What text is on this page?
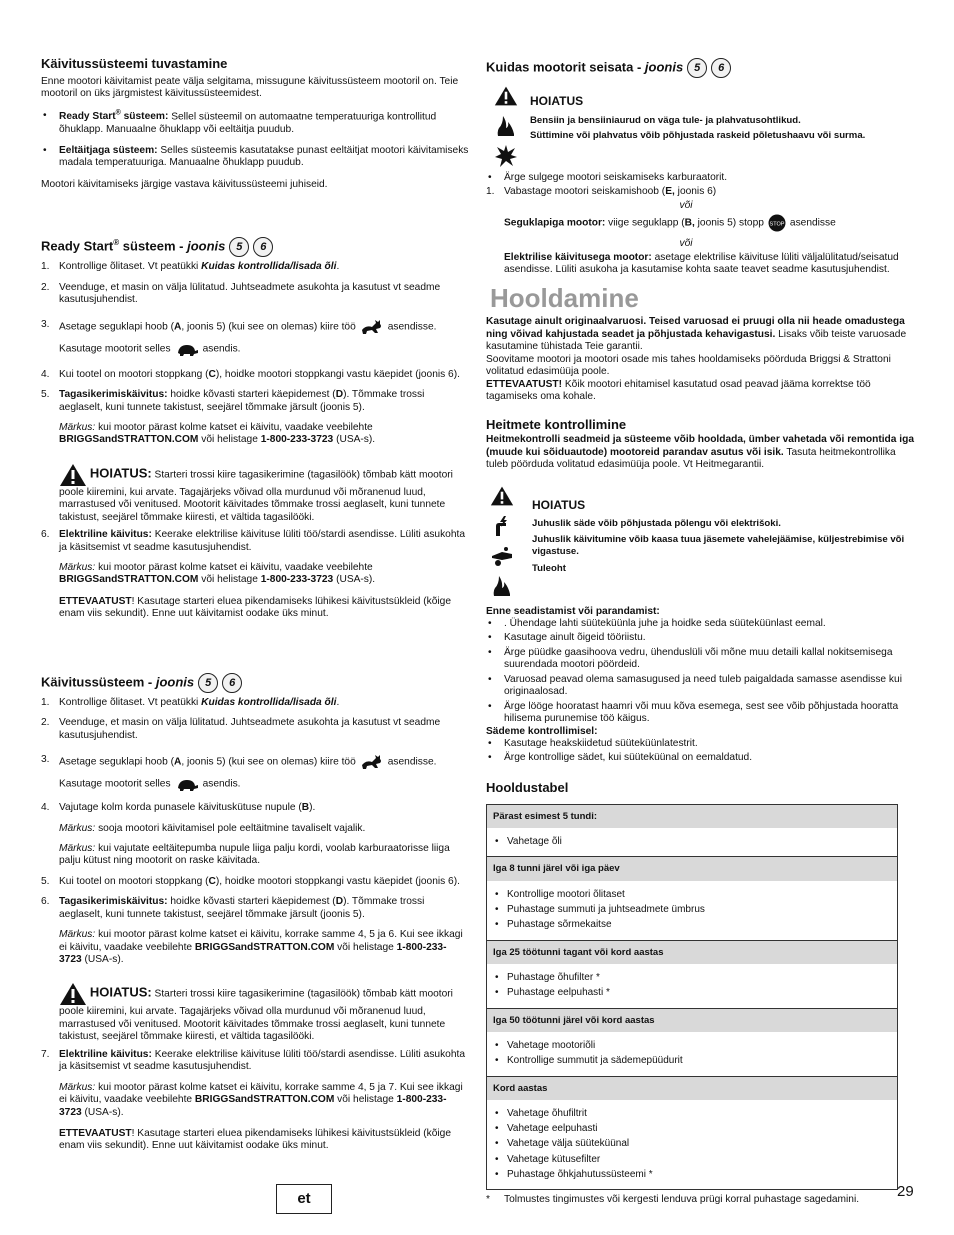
Käivitussüsteemi tuvastamine

Enne mootori käivitamist peate välja selgitama, missugune käivitussüsteem mootoril on. Teie mootoril on üks järgmistest käivitussüsteemidest.

• Ready Start® süsteem: Sellel süsteemil on automaatne temperatuuriga kontrollitud õhuklapp. Manuaalne õhuklapp või eeltäitja puudub.

• Eeltäitjaga süsteem: Selles süsteemis kasutatakse punast eeltäitjat mootori käivitamiseks madala temperatuuriga. Manuaalne õhuklapp puudub.

Mootori käivitamiseks järgige vastava käivitussüsteemi juhiseid.

Ready Start® süsteem - joonis 5 6

1. Kontrollige õlitaset. Vt peatükki Kuidas kontrollida/lisada õli.

2. Veenduge, et masin on välja lülitatud. Juhtseadmete asukohta ja kasutust vt seadme kasutusjuhendist.

3. Asetage seguklapi hoob (A, joonis 5) (kui see on olemas) kiire töö	asendisse.

Kasutage mootorit selles	asendis.

4. Kui tootel on mootori stoppkang (C), hoidke mootori stoppkangi vastu käepidet (joonis 6).

5. Tagasikerimiskäivitus: hoidke kõvasti starteri käepidemest (D). Tõmmake trossi aeglaselt, kuni tunnete takistust, seejärel tõmmake järsult (joonis 5).

Märkus: kui mootor pärast kolme katset ei käivitu, vaadake veebilehte BRIGGSandSTRATTON.COM või helistage 1-800-233-3723 (USA-s).

HOIATUS: Starteri trossi kiire tagasikerimine (tagasilöök) tõmbab kätt mootori poole kiiremini, kui arvate. Tagajärjeks võivad olla murdunud või mõranenud luud, marrastused või venitused. Mootorit käivitades tõmmake trossi aeglaselt, kuni tunnete takistust, seejärel tõmmake kiiresti, et vältida tagasilööki.

6. Elektriline käivitus: Keerake elektrilise käivituse lüliti töö/stardi asendisse. Lüliti asukohta ja käsitsemist vt seadme kasutusjuhendist.

Märkus: kui mootor pärast kolme katset ei käivitu, vaadake veebilehte BRIGGSandSTRATTON.COM või helistage 1-800-233-3723 (USA-s).

ETTEVAATUST! Kasutage starteri eluea pikendamiseks lühikesi käivitustsükleid (kõige enam viis sekundit). Enne uut käivitamist oodake üks minut.

Käivitussüsteem - joonis 5 6

1. Kontrollige õlitaset. Vt peatükki Kuidas kontrollida/lisada õli.

2. Veenduge, et masin on välja lülitatud. Juhtseadmete asukohta ja kasutust vt seadme kasutusjuhendist.

3. Asetage seguklapi hoob (A, joonis 5) (kui see on olemas) kiire töö	asendisse.

Kasutage mootorit selles	asendis.

4. Vajutage kolm korda punasele käivituskütuse nupule (B).

Märkus: sooja mootori käivitamisel pole eeltäitmine tavaliselt vajalik.

Märkus: kui vajutate eeltäitepumba nupule liiga palju kordi, voolab karburaatorisse liiga palju kütust ning mootorit on raske käivitada.

5. Kui tootel on mootori stoppkang (C), hoidke mootori stoppkangi vastu käepidet (joonis 6).

6. Tagasikerimiskäivitus: hoidke kõvasti starteri käepidemest (D). Tõmmake trossi aeglaselt, kuni tunnete takistust, seejärel tõmmake järsult (joonis 5).

Märkus: kui mootor pärast kolme katset ei käivitu, korrake samme 4, 5 ja 6. Kui see ikkagi ei käivitu, vaadake veebilehte BRIGGSandSTRATTON.COM või helistage 1-800-233-3723 (USA-s).

HOIATUS: Starteri trossi kiire tagasikerimine (tagasilöök) tõmbab kätt mootori poole kiiremini, kui arvate. Tagajärjeks võivad olla murdunud või mõranenud luud, marrastused või venitused. Mootorit käivitades tõmmake trossi aeglaselt, kuni tunnete takistust, seejärel tõmmake kiiresti, et vältida tagasilööki.

7. Elektriline käivitus: Keerake elektrilise käivituse lüliti töö/stardi asendisse. Lüliti asukohta ja käsitsemist vt seadme kasutusjuhendist.

Märkus: kui mootor pärast kolme katset ei käivitu, korrake samme 4, 5 ja 7. Kui see ikkagi ei käivitu, vaadake veebilehte BRIGGSandSTRATTON.COM või helistage 1-800-233-3723 (USA-s).

ETTEVAATUST! Kasutage starteri eluea pikendamiseks lühikesi käivitustsükleid (kõige enam viis sekundit). Enne uut käivitamist oodake üks minut.

Kuidas mootorit seisata - joonis 5 6
HOIATUS

Bensiin ja bensiiniaurud on väga tule- ja plahvatusohtlikud.

Süttimine või plahvatus võib põhjustada raskeid põletushaavu või surma.

• Ärge sulgege mootori seiskamiseks karburaatorit.

1. Vabastage mootori seiskamishoob (E, joonis 6)

või

Seguklapiga mootor: viige seguklapp (B, joonis 5) stopp STOP asendisse

või

Elektrilise käivitusega mootor: asetage elektrilise käivituse lüliti väljalülitatud/seisatud asendisse. Lüliti asukoha ja kasutamise kohta saate teavet seadme kasutusjuhendist.

Hooldamine

Kasutage ainult originaalvaruosi. Teised varuosad ei pruugi olla nii heade omadustega ning võivad kahjustada seadet ja põhjustada kehavigastusi. Lisaks võib teiste varuosade kasutamine tühistada Teie garantii.

Soovitame mootori ja mootori osade mis tahes hooldamiseks pöörduda Briggsi & Strattoni volitatud edasimüüja poole.

ETTEVAATUST! Kõik mootori ehitamisel kasutatud osad peavad jääma korrektse töö tagamiseks oma kohale.

Heitmete kontrollimine

Heitmekontrolli seadmeid ja süsteeme võib hooldada, ümber vahetada või remontida iga (muude kui sõiduautode) mootoreid parandav asutus või isik. Tasuta heitmekontrollika tuleb pöörduda volitatud edasimüüja poole. Vt Heitmegarantii.

HOIATUS

Juhuslik säde võib põhjustada põlengu või elektrišoki.

Juhuslik käivitumine võib kaasa tuua jäsemete vahelejäämise, küljestrebimise või vigastuse.

Tuleoht

Enne seadistamist või parandamist:

• . Ühendage lahti süüteküünla juhe ja hoidke seda süüteküünlast eemal.

• Kasutage ainult õigeid tööriistu.

• Ärge püüdke gaasihoova vedru, ühenduslüli või mõne muu detaili kallal nokitsemisega suurendada mootori pöördeid.

• Varuosad peavad olema samasugused ja need tuleb paigaldada samasse asendisse kui originaalosad.

• Ärge lööge hooratast haamri või muu kõva esemega, sest see võib põhjustada hooratta hilisema purunemise töö käigus.

Sädeme kontrollimisel:

• Kasutage heakskiidetud süüteküünlatestrit.

• Ärge kontrollige sädet, kui süüteküünal on eemaldatud.

Hooldustabel
Pärast esimest 5 tundi:

• Vahetage õli

Iga 8 tunni järel või iga päev

• Kontrollige mootori õlitaset

• Puhastage summuti ja juhtseadmete ümbrus

• Puhastage sõrmekaitse

Iga 25 töötunni tagant või kord aastas

• Puhastage õhufilter *

• Puhastage eelpuhasti *

Iga 50 töötunni järel või kord aastas

• Vahetage mootoriõli

• Kontrollige summutit ja sädemepüüdurit

Kord aastas

• Vahetage õhufiltrit

• Vahetage eelpuhasti

• Vahetage välja süüteküünal

• Vahetage kütusefilter

• Puhastage õhkjahutussüsteemi *

* Tolmustes tingimustes või kergesti lenduva prügi korral puhastage sagedamini.

et	29
